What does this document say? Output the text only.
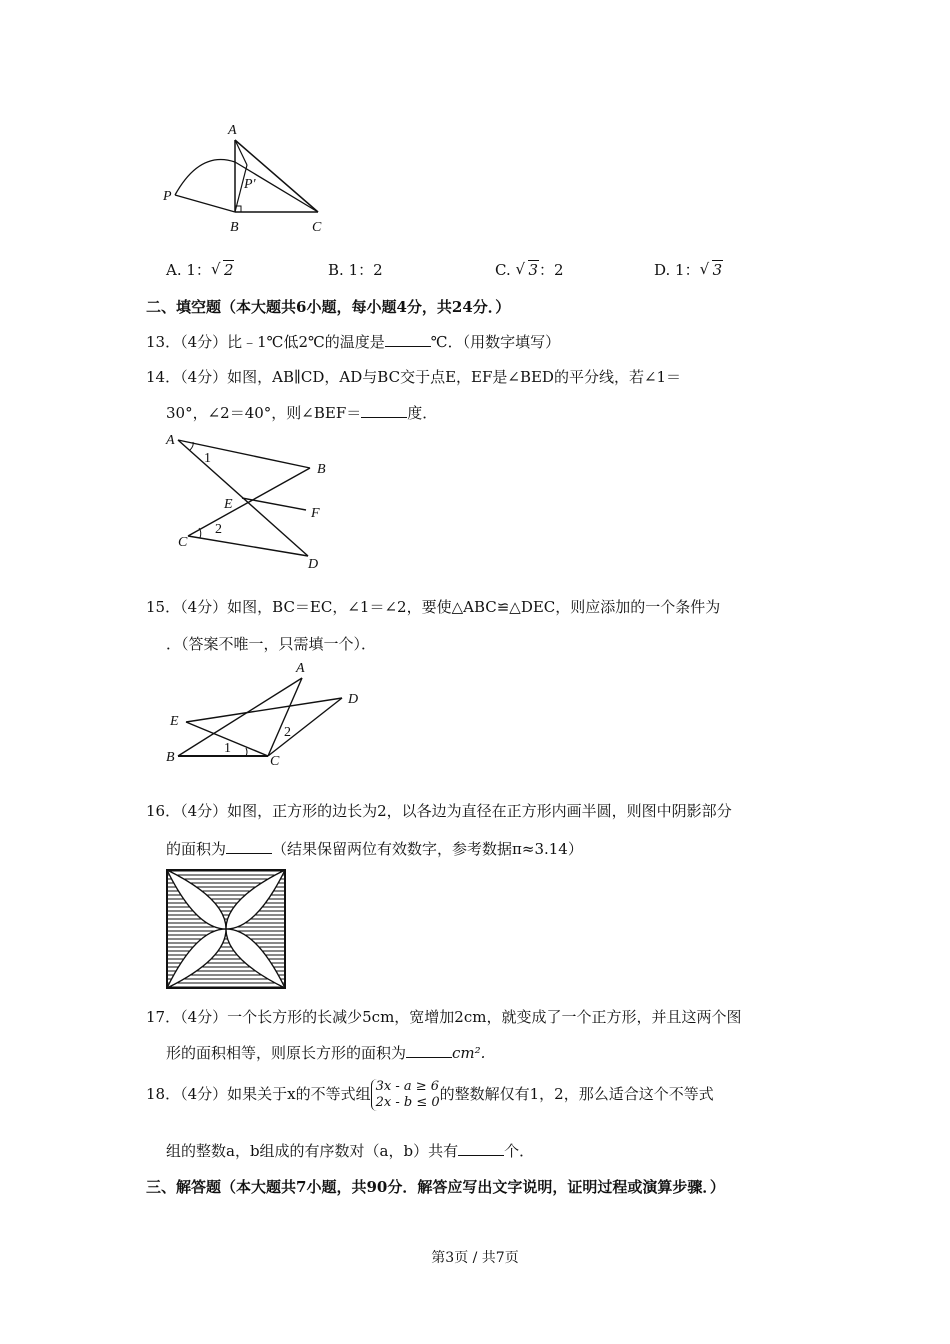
A
P
P'
B	C
A. 1： √ 2	B. 1：2	C. √ 3：2	D. 1： √ 3
二、填空题（本大题共6小题，每小题4分，共24分．）
13．（4分）比﹣1℃低2℃的温度是	℃．（用数字填写）
14．（4分）如图，AB∥CD，AD与BC交于点E，EF是∠BED的平分线，若∠1＝
30°，∠2＝40°，则∠BEF＝	度．
A
B
E
F
C
D
1
2
15．（4分）如图，BC＝EC，∠1＝∠2，要使△ABC≌△DEC，则应添加的一个条件为
．（答案不唯一，只需填一个）．
A
D
E
B	C
1
2
16．（4分）如图，正方形的边长为2，以各边为直径在正方形内画半圆，则图中阴影部分
的面积为	（结果保留两位有效数字，参考数据π≈3.14）
17．（4分）一个长方形的长减少5cm，宽增加2cm，就变成了一个正方形，并且这两个图
形的面积相等，则原长方形的面积为	cm².
18．（4分）如果关于x的不等式组 3x - a ≥ 6
2x - b ≤ 0的整数解仅有1，2，那么适合这个不等式
组的整数a，b组成的有序数对（a，b）共有	个．
三、解答题（本大题共7小题，共90分．解答应写出文字说明，证明过程或演算步骤．）
第3页 / 共7页
